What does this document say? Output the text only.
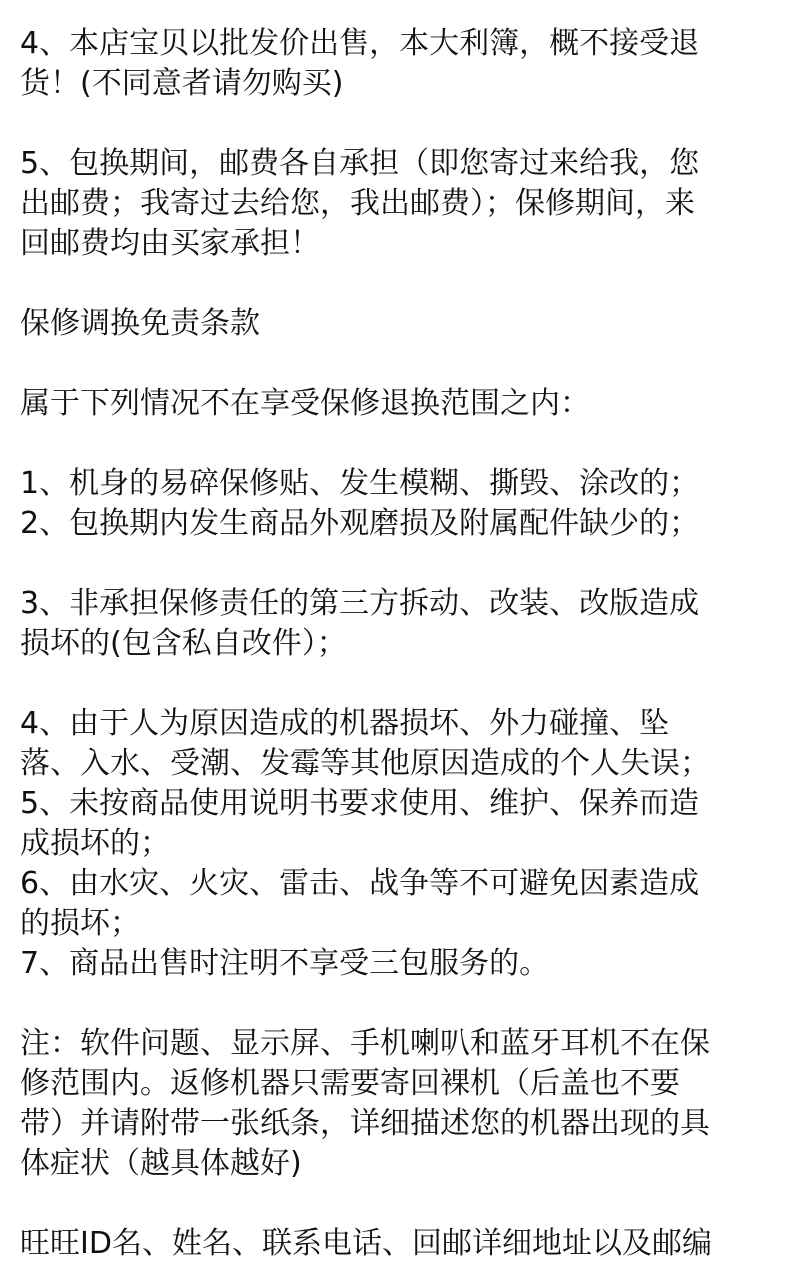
4、本店宝贝以批发价出售，本大利簿，概不接受退

货！(不同意者请勿购买)

5、包换期间，邮费各自承担（即您寄过来给我，您

出邮费；我寄过去给您，我出邮费）；保修期间，来

回邮费均由买家承担！

保修调换免责条款

属于下列情况不在享受保修退换范围之内：

1、机身的易碎保修贴、发生模糊、撕毁、涂改的；

2、包换期内发生商品外观磨损及附属配件缺少的；

3、非承担保修责任的第三方拆动、改装、改版造成

损坏的(包含私自改件）；

4、由于人为原因造成的机器损坏、外力碰撞、坠

落、入水、受潮、发霉等其他原因造成的个人失误；

5、未按商品使用说明书要求使用、维护、保养而造

成损坏的；

6、由水灾、火灾、雷击、战争等不可避免因素造成

的损坏；

7、商品出售时注明不享受三包服务的。

注：软件问题、显示屏、手机喇叭和蓝牙耳机不在保

修范围内。返修机器只需要寄回裸机（后盖也不要

带）并请附带一张纸条，详细描述您的机器出现的具

体症状（越具体越好)

旺旺ID名、姓名、联系电话、回邮详细地址以及邮编
